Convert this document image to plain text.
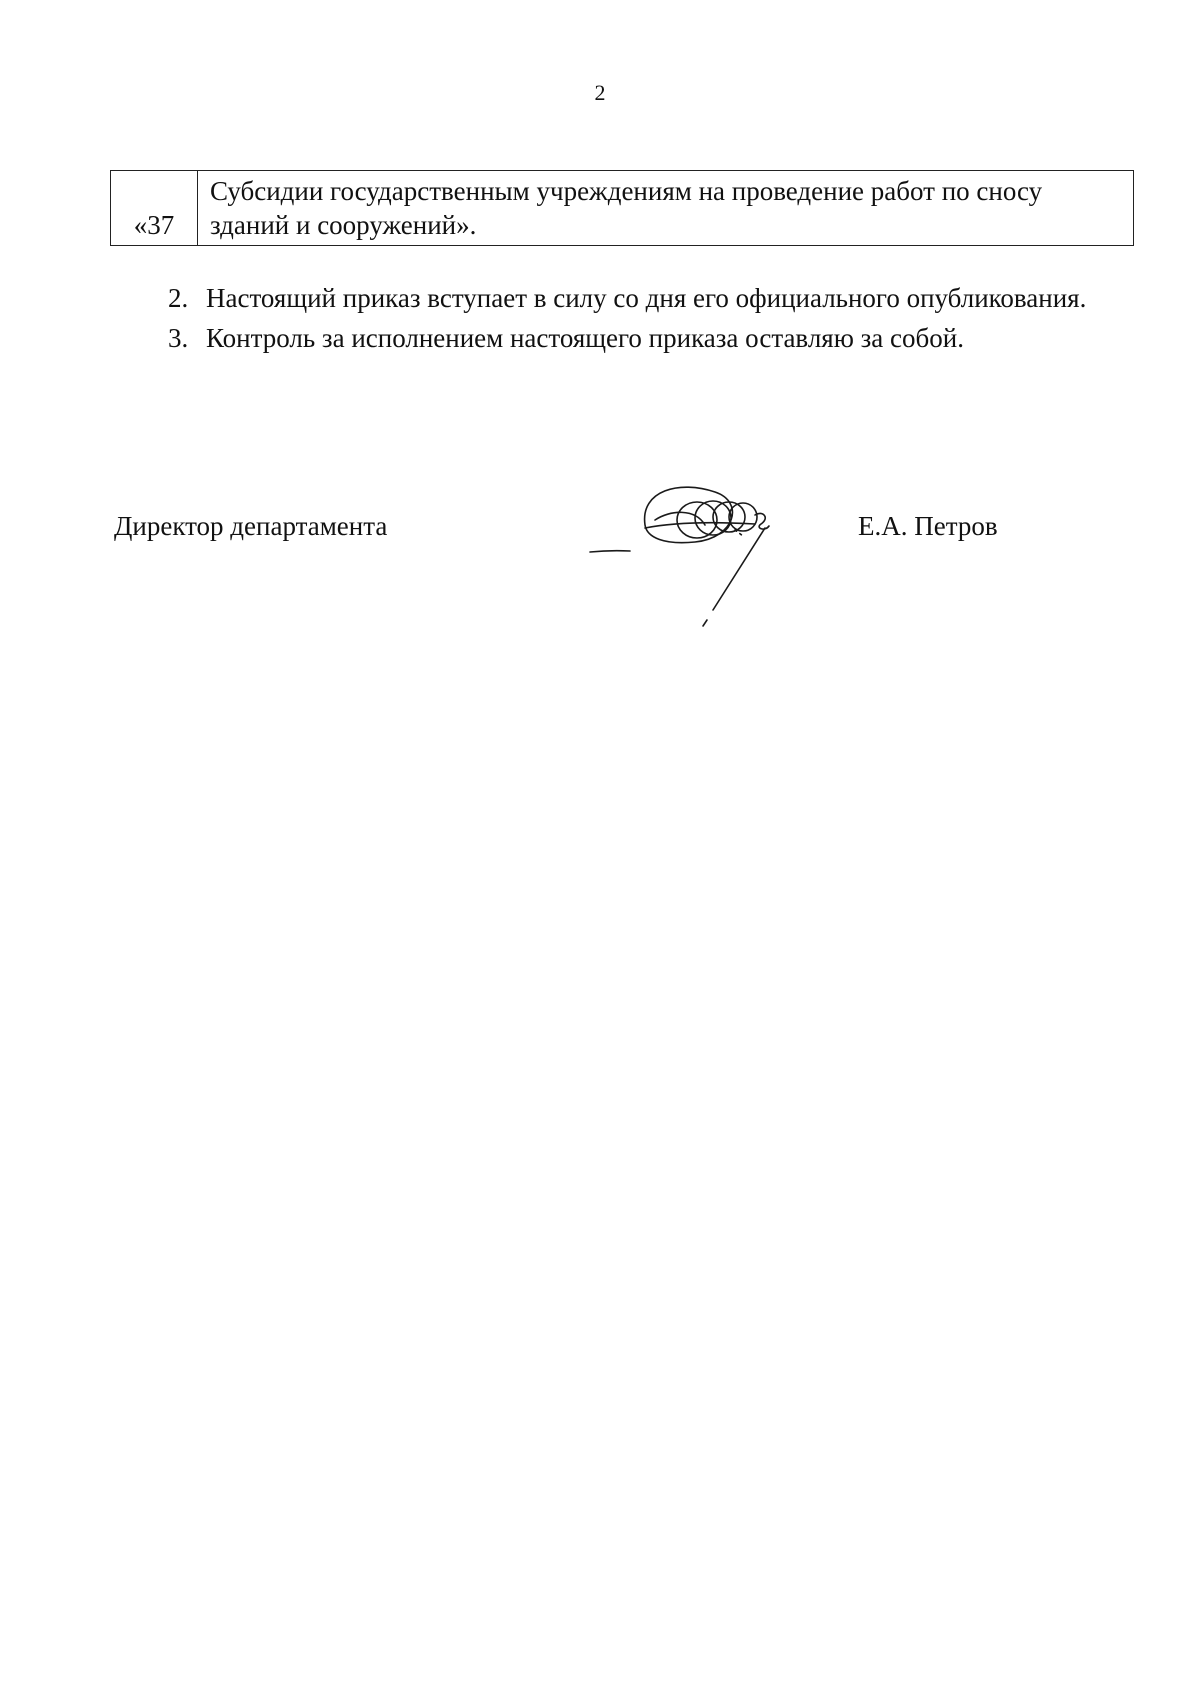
2
«37	Субсидии государственным учреждениям на проведение работ по сносу зданий и сооружений».
2. Настоящий приказ вступает в силу со дня его официального опубликования.
3. Контроль за исполнением настоящего приказа оставляю за собой.
Директор департамента	Е.А. Петров
